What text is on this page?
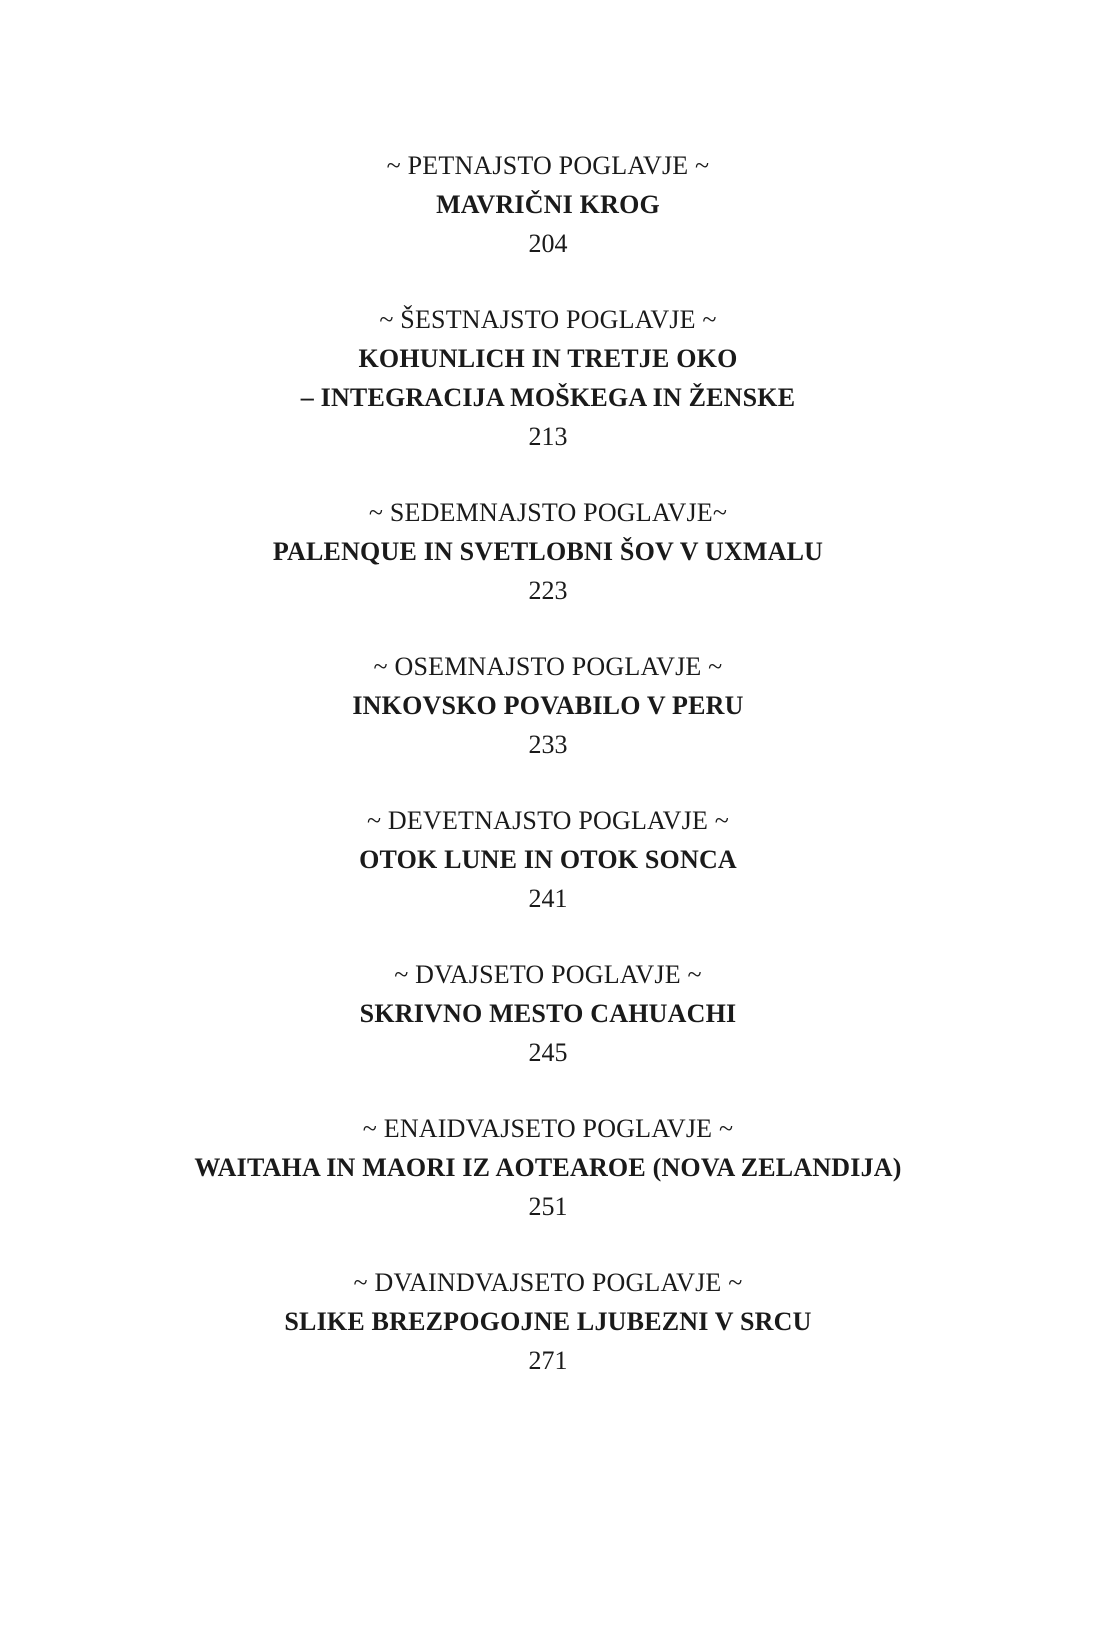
~ PETNAJSTO POGLAVJE ~
MAVRIČNI KROG
204
~ ŠESTNAJSTO POGLAVJE ~
KOHUNLICH IN TRETJE OKO
– INTEGRACIJA MOŠKEGA IN ŽENSKE
213
~ SEDEMNAJSTO POGLAVJE~
PALENQUE IN SVETLOBNI ŠOV V UXMALU
223
~ OSEMNAJSTO POGLAVJE ~
INKOVSKO POVABILO V PERU
233
~ DEVETNAJSTO POGLAVJE ~
OTOK LUNE IN OTOK SONCA
241
~ DVAJSETO POGLAVJE ~
SKRIVNO MESTO CAHUACHI
245
~ ENAIDVAJSETO POGLAVJE ~
WAITAHA IN MAORI IZ AOTEAROE (NOVA ZELANDIJA)
251
~ DVAINDVAJSETO POGLAVJE ~
SLIKE BREZPOGOJNE LJUBEZNI V SRCU
271
